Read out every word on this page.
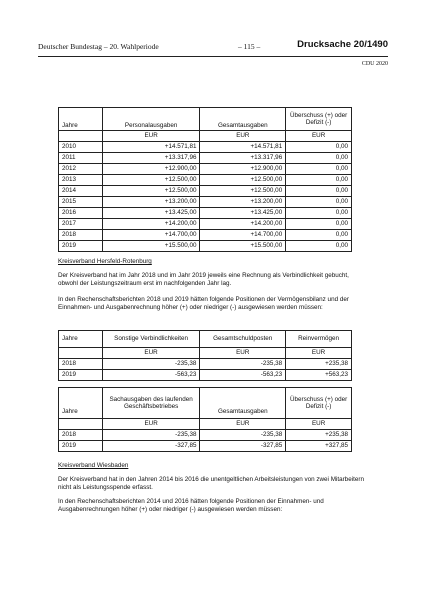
Deutscher Bundestag – 20. Wahlperiode	– 115 –	Drucksache 20/1490
CDU 2020
Jahre	Personalausgaben	Gesamtausgaben	Überschuss (+) oder Defizit (-)
	EUR	EUR	EUR
2010	+14.571,81	+14.571,81	0,00
2011	+13.317,96	+13.317,96	0,00
2012	+12.900,00	+12.900,00	0,00
2013	+12.500,00	+12.500,00	0,00
2014	+12.500,00	+12.500,00	0,00
2015	+13.200,00	+13.200,00	0,00
2016	+13.425,00	+13.425,00	0,00
2017	+14.200,00	+14.200,00	0,00
2018	+14.700,00	+14.700,00	0,00
2019	+15.500,00	+15.500,00	0,00
Kreisverband Hersfeld-Rotenburg
Der Kreisverband hat im Jahr 2018 und im Jahr 2019 jeweils eine Rechnung als Verbindlichkeit gebucht, obwohl der Leistungszeitraum erst im nachfolgenden Jahr lag.
In den Rechenschaftsberichten 2018 und 2019 hätten folgende Positionen der Vermögensbilanz und der Einnahmen- und Ausgabenrechnung höher (+) oder niedriger (-) ausgewiesen werden müssen:
Jahre	Sonstige Verbindlichkeiten	Gesamtschuldposten	Reinvermögen
	EUR	EUR	EUR
2018	-235,38	-235,38	+235,38
2019	-563,23	-563,23	+563,23
Jahre	Sachausgaben des laufenden Geschäftsbetriebes	Gesamtausgaben	Überschuss (+) oder Defizit (-)
	EUR	EUR	EUR
2018	-235,38	-235,38	+235,38
2019	-327,85	-327,85	+327,85
Kreisverband Wiesbaden
Der Kreisverband hat in den Jahren 2014 bis 2016 die unentgeltlichen Arbeitsleistungen von zwei Mitarbeitern nicht als Leistungsspende erfasst.
In den Rechenschaftsberichten 2014 und 2016 hätten folgende Positionen der Einnahmen- und Ausgabenrechnungen höher (+) oder niedriger (-) ausgewiesen werden müssen:
